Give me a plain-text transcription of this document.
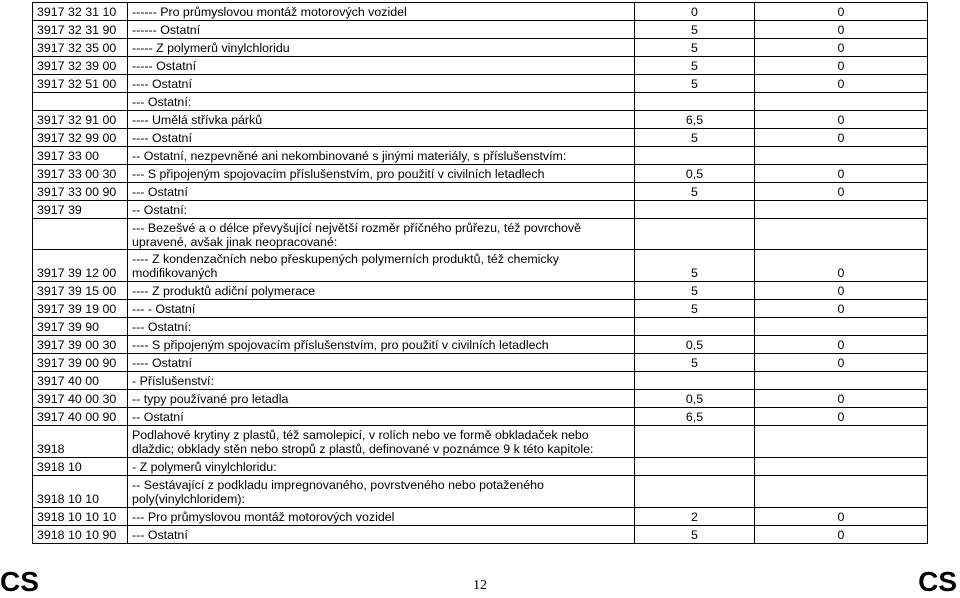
3917 32 31 10	------ Pro průmyslovou montáž motorových vozidel	0	0
3917 32 31 90	------ Ostatní	5	0
3917 32 35 00	----- Z polymerů vinylchloridu	5	0
3917 32 39 00	----- Ostatní	5	0
3917 32 51 00	---- Ostatní	5	0
	--- Ostatní:		
3917 32 91 00	---- Umělá střívka párků	6,5	0
3917 32 99 00	---- Ostatní	5	0
3917 33 00	-- Ostatní, nezpevněné ani nekombinované s jinými materiály, s příslušenstvím:		
3917 33 00 30	--- S připojeným spojovacím příslušenstvím, pro použití v civilních letadlech	0,5	0
3917 33 00 90	--- Ostatní	5	0
3917 39	-- Ostatní:		
	--- Bezešvé a o délce převyšující největší rozměr příčného průřezu, též povrchově upravené, avšak jinak neopracované:		
3917 39 12 00	---- Z kondenzačních nebo přeskupených polymerních produktů, též chemicky modifikovaných	5	0
3917 39 15 00	---- Z produktů adiční polymerace	5	0
3917 39 19 00	--- - Ostatní	5	0
3917 39 90	--- Ostatní:		
3917 39 00 30	---- S připojeným spojovacím příslušenstvím, pro použití v civilních letadlech	0,5	0
3917 39 00 90	---- Ostatní	5	0
3917 40 00	- Příslušenství:		
3917 40 00 30	-- typy používané pro letadla	0,5	0
3917 40 00 90	-- Ostatní	6,5	0
3918	Podlahové krytiny z plastů, též samolepicí, v rolích nebo ve formě obkladaček nebo dlaždic; obklady stěn nebo stropů z plastů, definované v poznámce 9 k této kapitole:		
3918 10	- Z polymerů vinylchloridu:		
3918 10 10	-- Sestávající z podkladu impregnovaného, povrstveného nebo potaženého poly(vinylchloridem):		
3918 10 10 10	--- Pro průmyslovou montáž motorových vozidel	2	0
3918 10 10 90	--- Ostatní	5	0
CS	12	CS
